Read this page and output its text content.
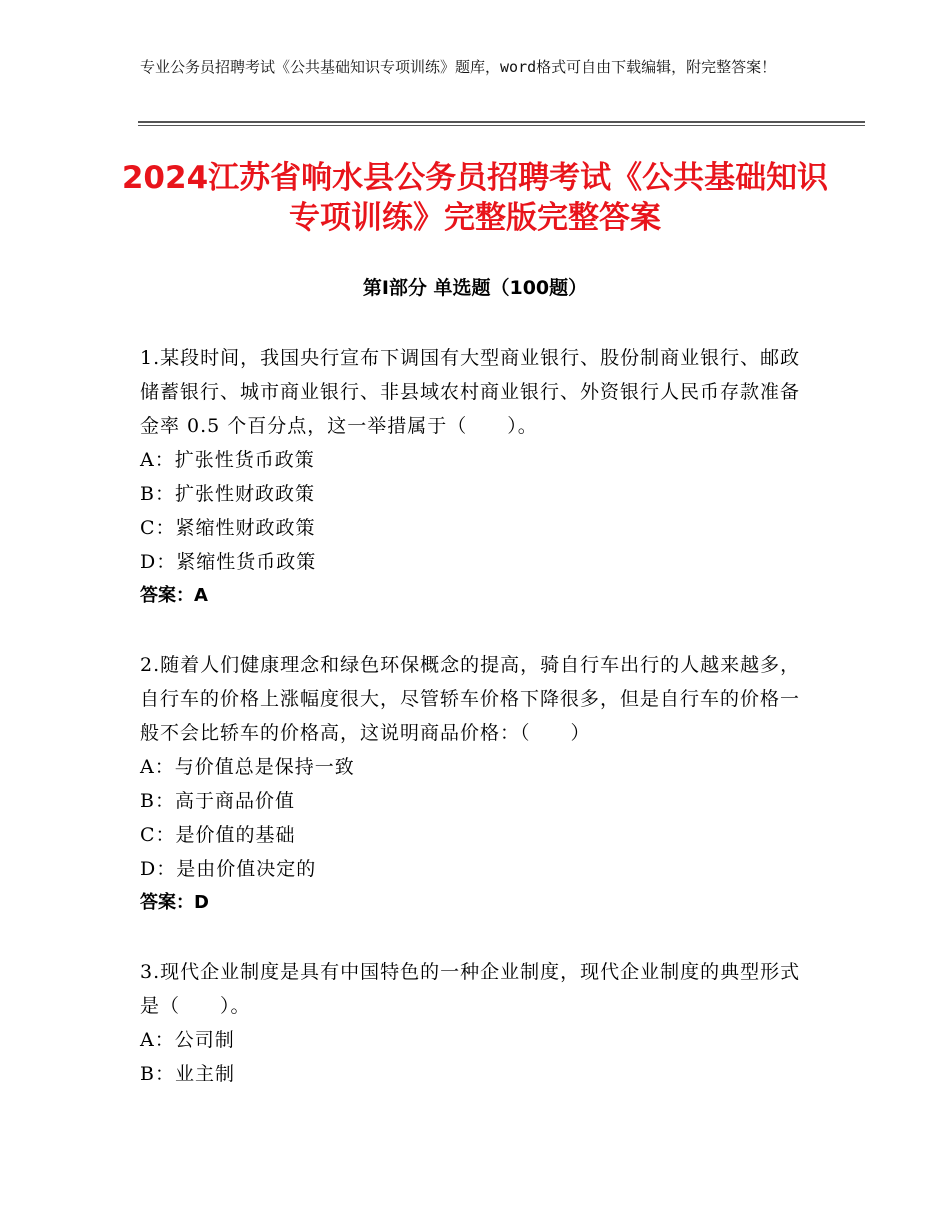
专业公务员招聘考试《公共基础知识专项训练》题库，word格式可自由下载编辑，附完整答案！
2024江苏省响水县公务员招聘考试《公共基础知识专项训练》完整版完整答案
第Ⅰ部分 单选题（100题）

1.某段时间，我国央行宣布下调国有大型商业银行、股份制商业银行、邮政储蓄银行、城市商业银行、非县域农村商业银行、外资银行人民币存款准备金率 0.5 个百分点，这一举措属于（　　）。

A：扩张性货币政策

B：扩张性财政政策

C：紧缩性财政政策

D：紧缩性货币政策

答案：A

2.随着人们健康理念和绿色环保概念的提高，骑自行车出行的人越来越多，自行车的价格上涨幅度很大，尽管轿车价格下降很多，但是自行车的价格一般不会比轿车的价格高，这说明商品价格：（　　）

A：与价值总是保持一致

B：高于商品价值

C：是价值的基础

D：是由价值决定的

答案：D

3.现代企业制度是具有中国特色的一种企业制度，现代企业制度的典型形式是（　　）。

A：公司制

B：业主制
